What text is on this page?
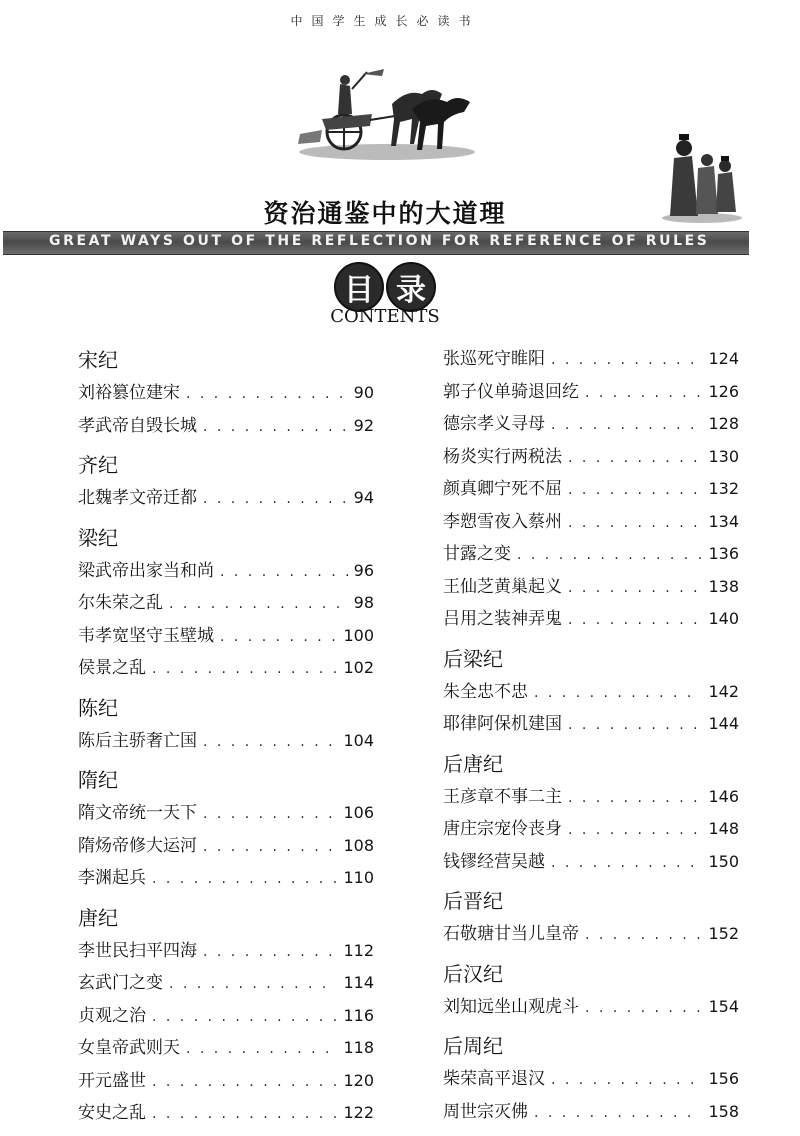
中国学生成长必读书
资治通鉴中的大道理
GREAT WAYS OUT OF THE REFLECTION FOR REFERENCE OF RULES
目 录
CONTENTS
宋纪
刘裕篡位建宋 . . .	90
孝武帝自毁长城 . . .	92
齐纪
北魏孝文帝迁都 . . .	94
梁纪
梁武帝出家当和尚 . . .	96
尔朱荣之乱 . . .	98
韦孝宽坚守玉壁城 . . .	100
侯景之乱 . . .	102
陈纪
陈后主骄奢亡国 . . .	104
隋纪
隋文帝统一天下 . . .	106
隋炀帝修大运河 . . .	108
李渊起兵 . . .	110
唐纪
李世民扫平四海 . . .	112
玄武门之变 . . .	114
贞观之治 . . .	116
女皇帝武则天 . . .	118
开元盛世 . . .	120
安史之乱 . . .	122
张巡死守睢阳 . . .	124
郭子仪单骑退回纥 . . .	126
德宗孝义寻母 . . .	128
杨炎实行两税法 . . .	130
颜真卿宁死不屈 . . .	132
李愬雪夜入蔡州 . . .	134
甘露之变 . . .	136
王仙芝黄巢起义 . . .	138
吕用之装神弄鬼 . . .	140
后梁纪
朱全忠不忠 . . .	142
耶律阿保机建国 . . .	144
后唐纪
王彦章不事二主 . . .	146
唐庄宗宠伶丧身 . . .	148
钱镠经营吴越 . . .	150
后晋纪
石敬瑭甘当儿皇帝 . . .	152
后汉纪
刘知远坐山观虎斗 . . .	154
后周纪
柴荣高平退汉 . . .	156
周世宗灭佛 . . .	158
